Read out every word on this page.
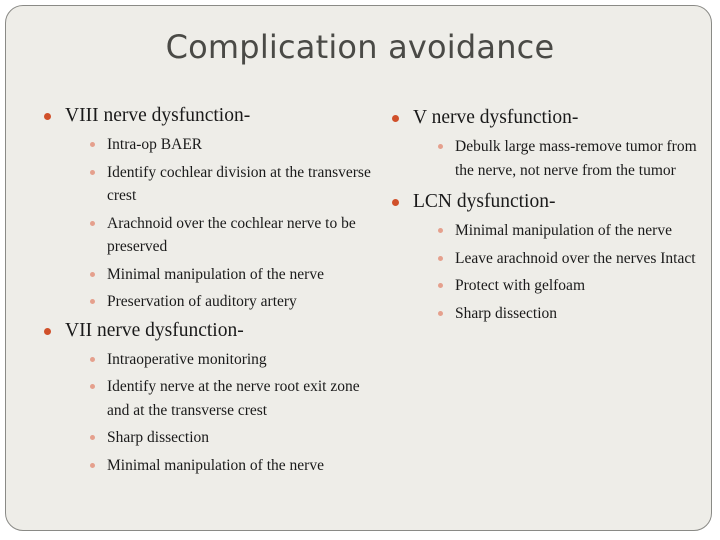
Complication avoidance
VIII nerve dysfunction-
Intra-op BAER
Identify cochlear division at the transverse crest
Arachnoid over the cochlear nerve to be preserved
Minimal manipulation of the nerve
Preservation of auditory artery
VII nerve dysfunction-
Intraoperative monitoring
Identify nerve at the nerve root exit zone and at the transverse crest
Sharp dissection
Minimal manipulation of the nerve
V nerve dysfunction-
Debulk large mass-remove tumor from the nerve, not nerve from the tumor
LCN dysfunction-
Minimal manipulation of the nerve
Leave arachnoid over the nerves Intact
Protect with gelfoam
Sharp dissection
